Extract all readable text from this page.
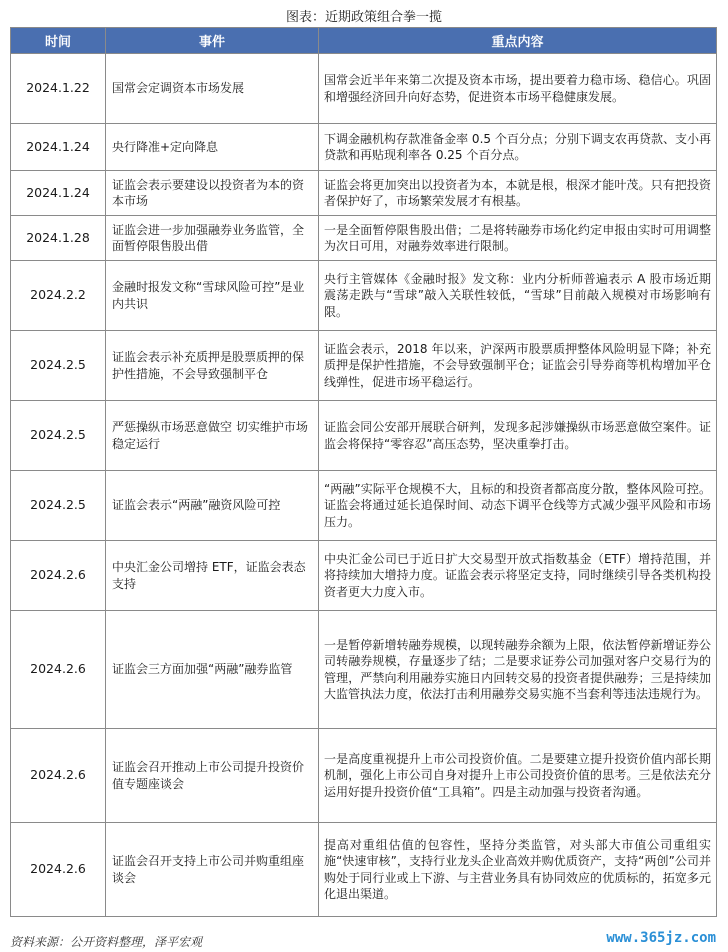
图表：近期政策组合拳一揽
时间	事件	重点内容
2024.1.22	国常会定调资本市场发展	国常会近半年来第二次提及资本市场，提出要着力稳市场、稳信心。巩固和增强经济回升向好态势，促进资本市场平稳健康发展。
2024.1.24	央行降准+定向降息	下调金融机构存款准备金率 0.5 个百分点；分别下调支农再贷款、支小再贷款和再贴现利率各 0.25 个百分点。
2024.1.24	证监会表示要建设以投资者为本的资本市场	证监会将更加突出以投资者为本，本就是根，根深才能叶茂。只有把投资者保护好了，市场繁荣发展才有根基。
2024.1.28	证监会进一步加强融券业务监管，全面暂停限售股出借	一是全面暂停限售股出借；二是将转融券市场化约定申报由实时可用调整为次日可用，对融券效率进行限制。
2024.2.2	金融时报发文称“雪球风险可控”是业内共识	央行主管媒体《金融时报》发文称：业内分析师普遍表示 A 股市场近期震荡走跌与“雪球”敲入关联性较低，“雪球”目前敲入规模对市场影响有限。
2024.2.5	证监会表示补充质押是股票质押的保护性措施，不会导致强制平仓	证监会表示，2018 年以来，沪深两市股票质押整体风险明显下降；补充质押是保护性措施，不会导致强制平仓；证监会引导券商等机构增加平仓线弹性，促进市场平稳运行。
2024.2.5	严惩操纵市场恶意做空 切实维护市场稳定运行	证监会同公安部开展联合研判，发现多起涉嫌操纵市场恶意做空案件。证监会将保持“零容忍”高压态势，坚决重拳打击。
2024.2.5	证监会表示“两融”融资风险可控	“两融”实际平仓规模不大，且标的和投资者都高度分散，整体风险可控。证监会将通过延长追保时间、动态下调平仓线等方式减少强平风险和市场压力。
2024.2.6	中央汇金公司增持 ETF，证监会表态支持	中央汇金公司已于近日扩大交易型开放式指数基金（ETF）增持范围，并将持续加大增持力度。证监会表示将坚定支持，同时继续引导各类机构投资者更大力度入市。
2024.2.6	证监会三方面加强“两融”融券监管	一是暂停新增转融券规模，以现转融券余额为上限，依法暂停新增证券公司转融券规模，存量逐步了结；二是要求证券公司加强对客户交易行为的管理，严禁向利用融券实施日内回转交易的投资者提供融券；三是持续加大监管执法力度，依法打击利用融券交易实施不当套利等违法违规行为。
2024.2.6	证监会召开推动上市公司提升投资价值专题座谈会	一是高度重视提升上市公司投资价值。二是要建立提升投资价值内部长期机制，强化上市公司自身对提升上市公司投资价值的思考。三是依法充分运用好提升投资价值“工具箱”。四是主动加强与投资者沟通。
2024.2.6	证监会召开支持上市公司并购重组座谈会	提高对重组估值的包容性，坚持分类监管，对头部大市值公司重组实施“快速审核”，支持行业龙头企业高效并购优质资产，支持“两创”公司并购处于同行业或上下游、与主营业务具有协同效应的优质标的，拓宽多元化退出渠道。
资料来源：公开资料整理，泽平宏观	www.365jz.com
